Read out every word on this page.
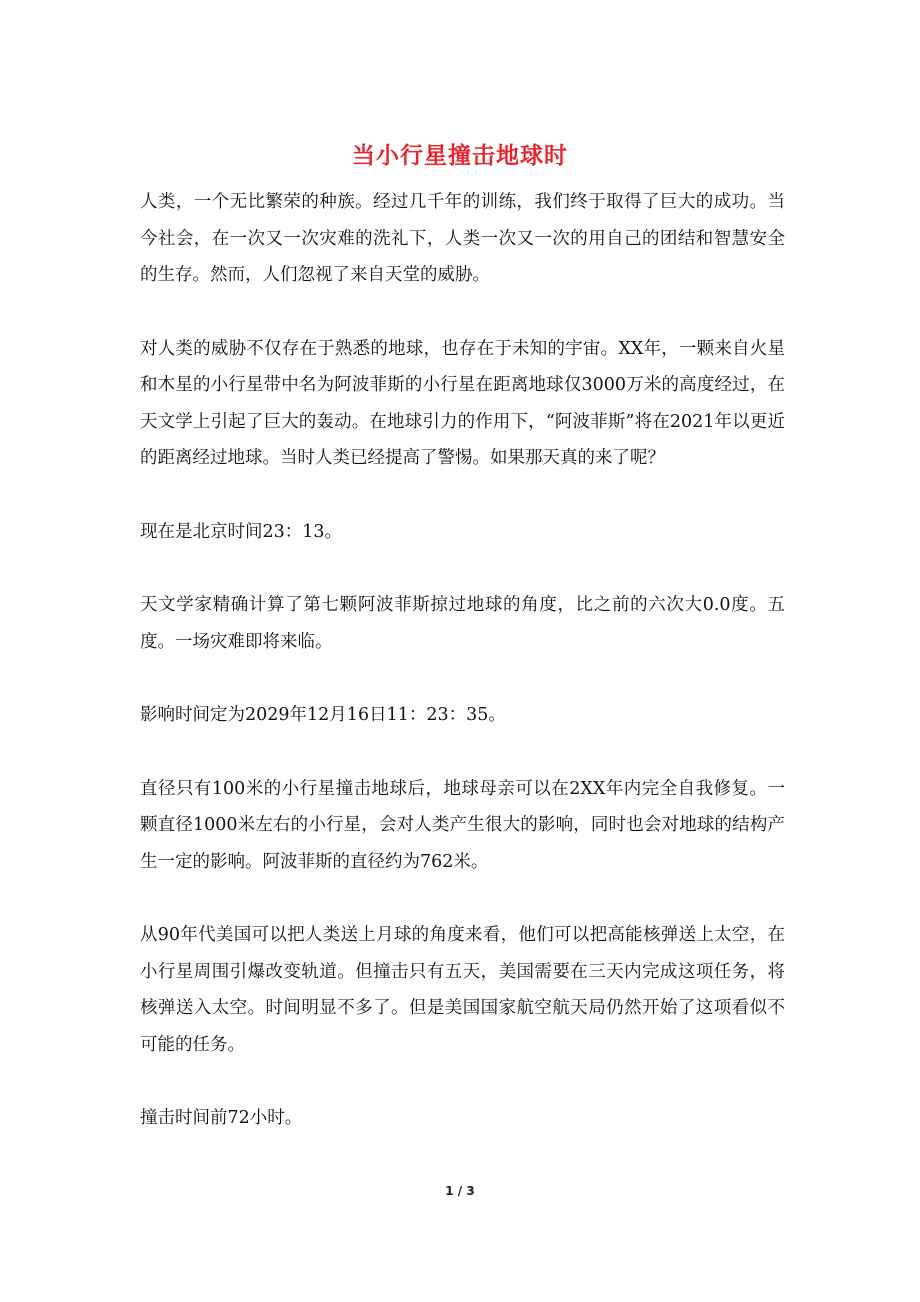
当小行星撞击地球时

人类，一个无比繁荣的种族。经过几千年的训练，我们终于取得了巨大的成功。当今社会，在一次又一次灾难的洗礼下，人类一次又一次的用自己的团结和智慧安全的生存。然而，人们忽视了来自天堂的威胁。

对人类的威胁不仅存在于熟悉的地球，也存在于未知的宇宙。XX年，一颗来自火星和木星的小行星带中名为阿波菲斯的小行星在距离地球仅3000万米的高度经过，在天文学上引起了巨大的轰动。在地球引力的作用下，“阿波菲斯”将在2021年以更近的距离经过地球。当时人类已经提高了警惕。如果那天真的来了呢？

现在是北京时间23：13。

天文学家精确计算了第七颗阿波菲斯掠过地球的角度，比之前的六次大0.0度。五度。一场灾难即将来临。

影响时间定为2029年12月16日11：23：35。

直径只有100米的小行星撞击地球后，地球母亲可以在2XX年内完全自我修复。一颗直径1000米左右的小行星，会对人类产生很大的影响，同时也会对地球的结构产生一定的影响。阿波菲斯的直径约为762米。

从90年代美国可以把人类送上月球的角度来看，他们可以把高能核弹送上太空，在小行星周围引爆改变轨道。但撞击只有五天，美国需要在三天内完成这项任务，将核弹送入太空。时间明显不多了。但是美国国家航空航天局仍然开始了这项看似不可能的任务。

撞击时间前72小时。

1 / 3
